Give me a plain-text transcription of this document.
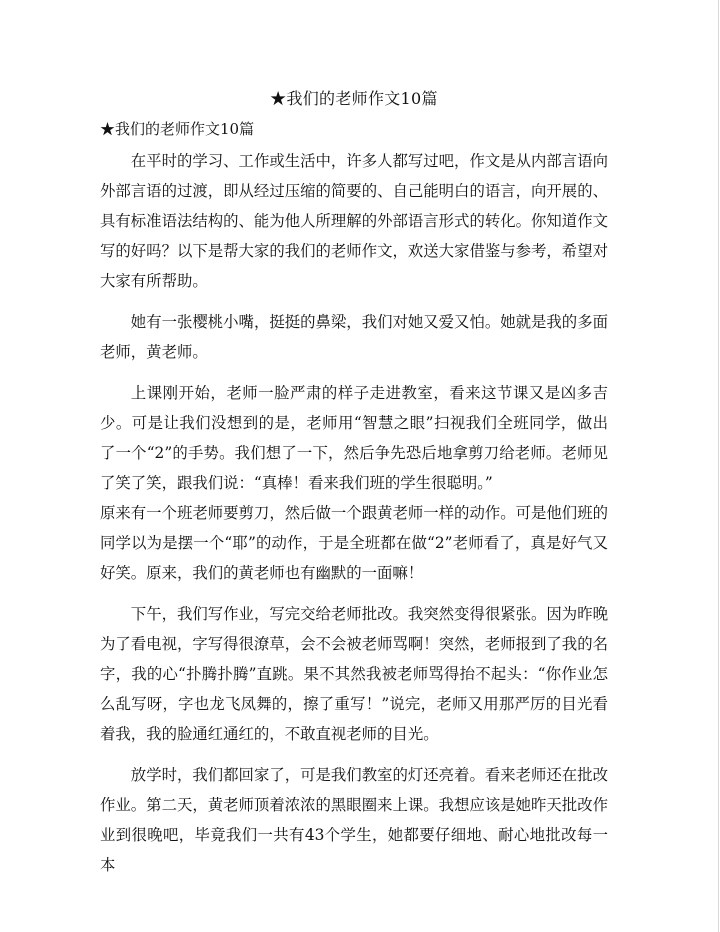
★我们的老师作文10篇
★我们的老师作文10篇

在平时的学习、工作或生活中，许多人都写过吧，作文是从内部言语向外部言语的过渡，即从经过压缩的简要的、自己能明白的语言，向开展的、具有标准语法结构的、能为他人所理解的外部语言形式的转化。你知道作文写的好吗？以下是帮大家的我们的老师作文，欢送大家借鉴与参考，希望对大家有所帮助。

她有一张樱桃小嘴，挺挺的鼻梁，我们对她又爱又怕。她就是我的多面老师，黄老师。

上课刚开始，老师一脸严肃的样子走进教室，看来这节课又是凶多吉少。可是让我们没想到的是，老师用“智慧之眼”扫视我们全班同学，做出了一个“2”的手势。我们想了一下，然后争先恐后地拿剪刀给老师。老师见了笑了笑，跟我们说：“真棒！看来我们班的学生很聪明。”

原来有一个班老师要剪刀，然后做一个跟黄老师一样的动作。可是他们班的同学以为是摆一个“耶”的动作，于是全班都在做“2”老师看了，真是好气又好笑。原来，我们的黄老师也有幽默的一面嘛！

下午，我们写作业，写完交给老师批改。我突然变得很紧张。因为昨晚为了看电视，字写得很潦草，会不会被老师骂啊！突然，老师报到了我的名字，我的心“扑腾扑腾”直跳。果不其然我被老师骂得抬不起头：“你作业怎么乱写呀，字也龙飞凤舞的，擦了重写！”说完，老师又用那严厉的目光看着我，我的脸通红通红的，不敢直视老师的目光。

放学时，我们都回家了，可是我们教室的灯还亮着。看来老师还在批改作业。第二天，黄老师顶着浓浓的黑眼圈来上课。我想应该是她昨天批改作业到很晚吧，毕竟我们一共有43个学生，她都要仔细地、耐心地批改每一本
